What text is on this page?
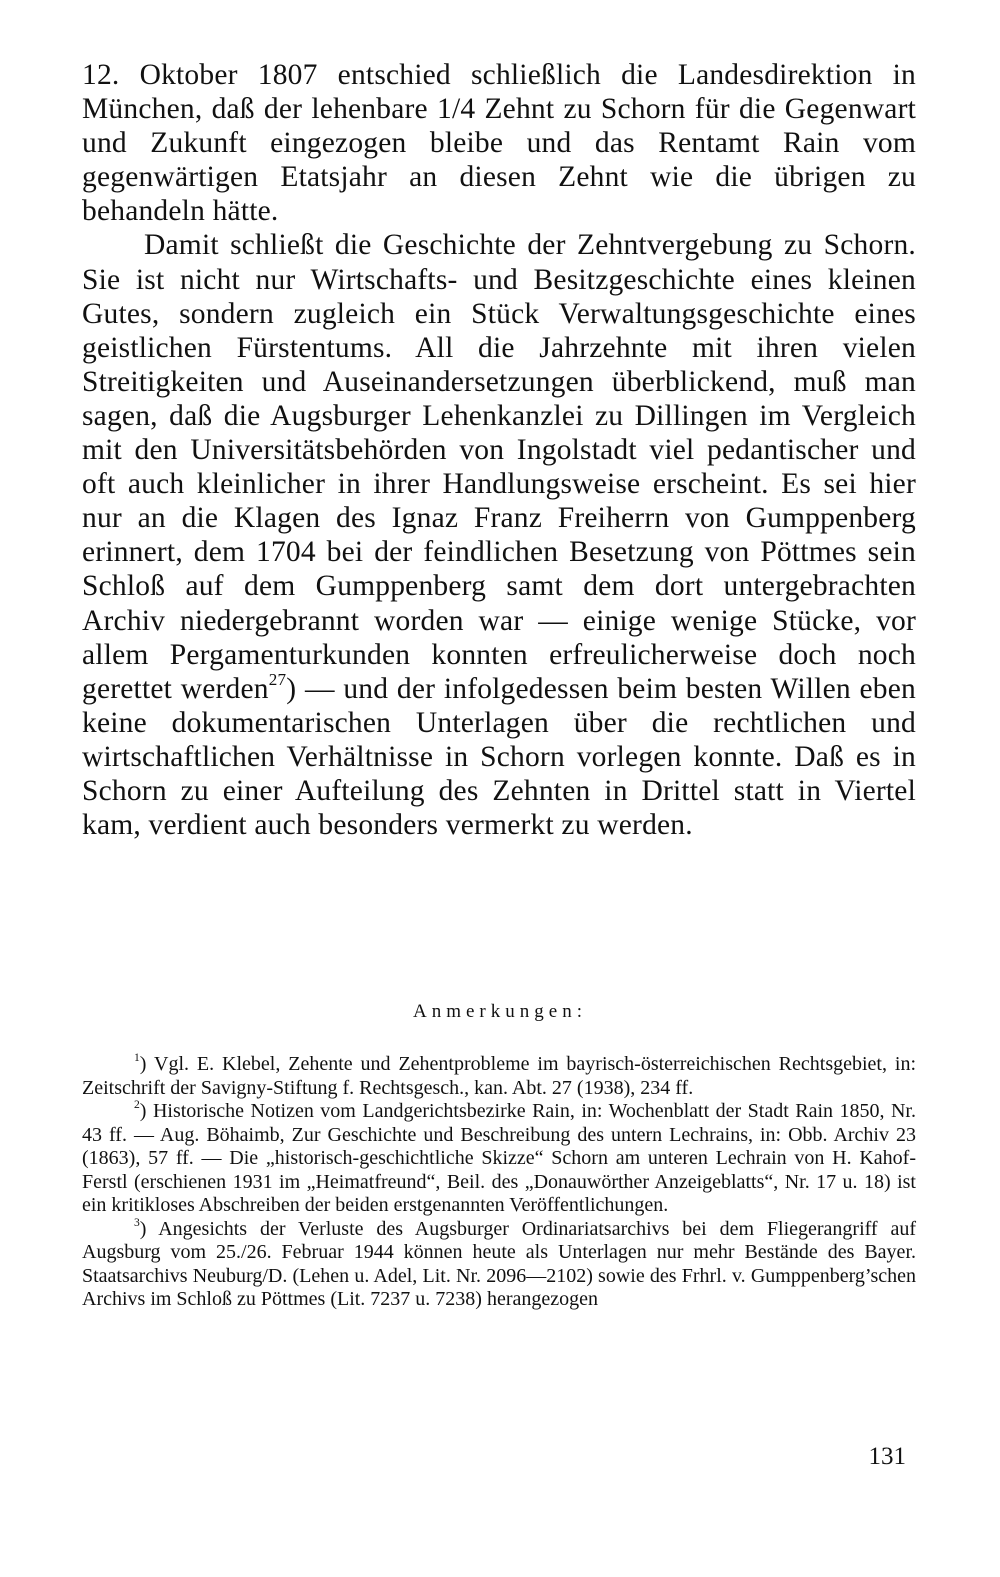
12. Oktober 1807 entschied schließlich die Landesdirektion in München, daß der lehenbare 1/4 Zehnt zu Schorn für die Gegenwart und Zukunft eingezogen bleibe und das Rentamt Rain vom gegenwärtigen Etatsjahr an diesen Zehnt wie die übrigen zu behandeln hätte.

Damit schließt die Geschichte der Zehntvergebung zu Schorn. Sie ist nicht nur Wirtschafts- und Besitzgeschichte eines kleinen Gutes, sondern zugleich ein Stück Verwaltungsgeschichte eines geistlichen Fürstentums. All die Jahrzehnte mit ihren vielen Streitigkeiten und Auseinandersetzungen überblickend, muß man sagen, daß die Augsburger Lehenkanzlei zu Dillingen im Vergleich mit den Universitätsbehörden von Ingolstadt viel pedantischer und oft auch kleinlicher in ihrer Handlungsweise erscheint. Es sei hier nur an die Klagen des Ignaz Franz Freiherrn von Gumppenberg erinnert, dem 1704 bei der feindlichen Besetzung von Pöttmes sein Schloß auf dem Gumppenberg samt dem dort untergebrachten Archiv niedergebrannt worden war — einige wenige Stücke, vor allem Pergamenturkunden konnten erfreulicherweise doch noch gerettet werden$^{27}$) — und der infolgedessen beim besten Willen eben keine dokumentarischen Unterlagen über die rechtlichen und wirtschaftlichen Verhältnisse in Schorn vorlegen konnte. Daß es in Schorn zu einer Aufteilung des Zehnten in Drittel statt in Viertel kam, verdient auch besonders vermerkt zu werden.

Anmerkungen:

$^1$) Vgl. E. Klebel, Zehente und Zehentprobleme im bayrisch-österreichischen Rechtsgebiet, in: Zeitschrift der Savigny-Stiftung f. Rechtsgesch., kan. Abt. 27 (1938), 234 ff.

$^2$) Historische Notizen vom Landgerichtsbezirke Rain, in: Wochenblatt der Stadt Rain 1850, Nr. 43 ff. — Aug. Böhaimb, Zur Geschichte und Beschreibung des untern Lechrains, in: Obb. Archiv 23 (1863), 57 ff. — Die „historisch-geschichtliche Skizze“ Schorn am unteren Lechrain von H. Kahof-Ferstl (erschienen 1931 im „Heimatfreund“, Beil. des „Donauwörther Anzeigeblatts“, Nr. 17 u. 18) ist ein kritikloses Abschreiben der beiden erstgenannten Veröffentlichungen.

$^3$) Angesichts der Verluste des Augsburger Ordinariatsarchivs bei dem Fliegerangriff auf Augsburg vom 25./26. Februar 1944 können heute als Unterlagen nur mehr Bestände des Bayer. Staatsarchivs Neuburg/D. (Lehen u. Adel, Lit. Nr. 2096—2102) sowie des Frhrl. v. Gumppenberg’schen Archivs im Schloß zu Pöttmes (Lit. 7237 u. 7238) herangezogen

131
